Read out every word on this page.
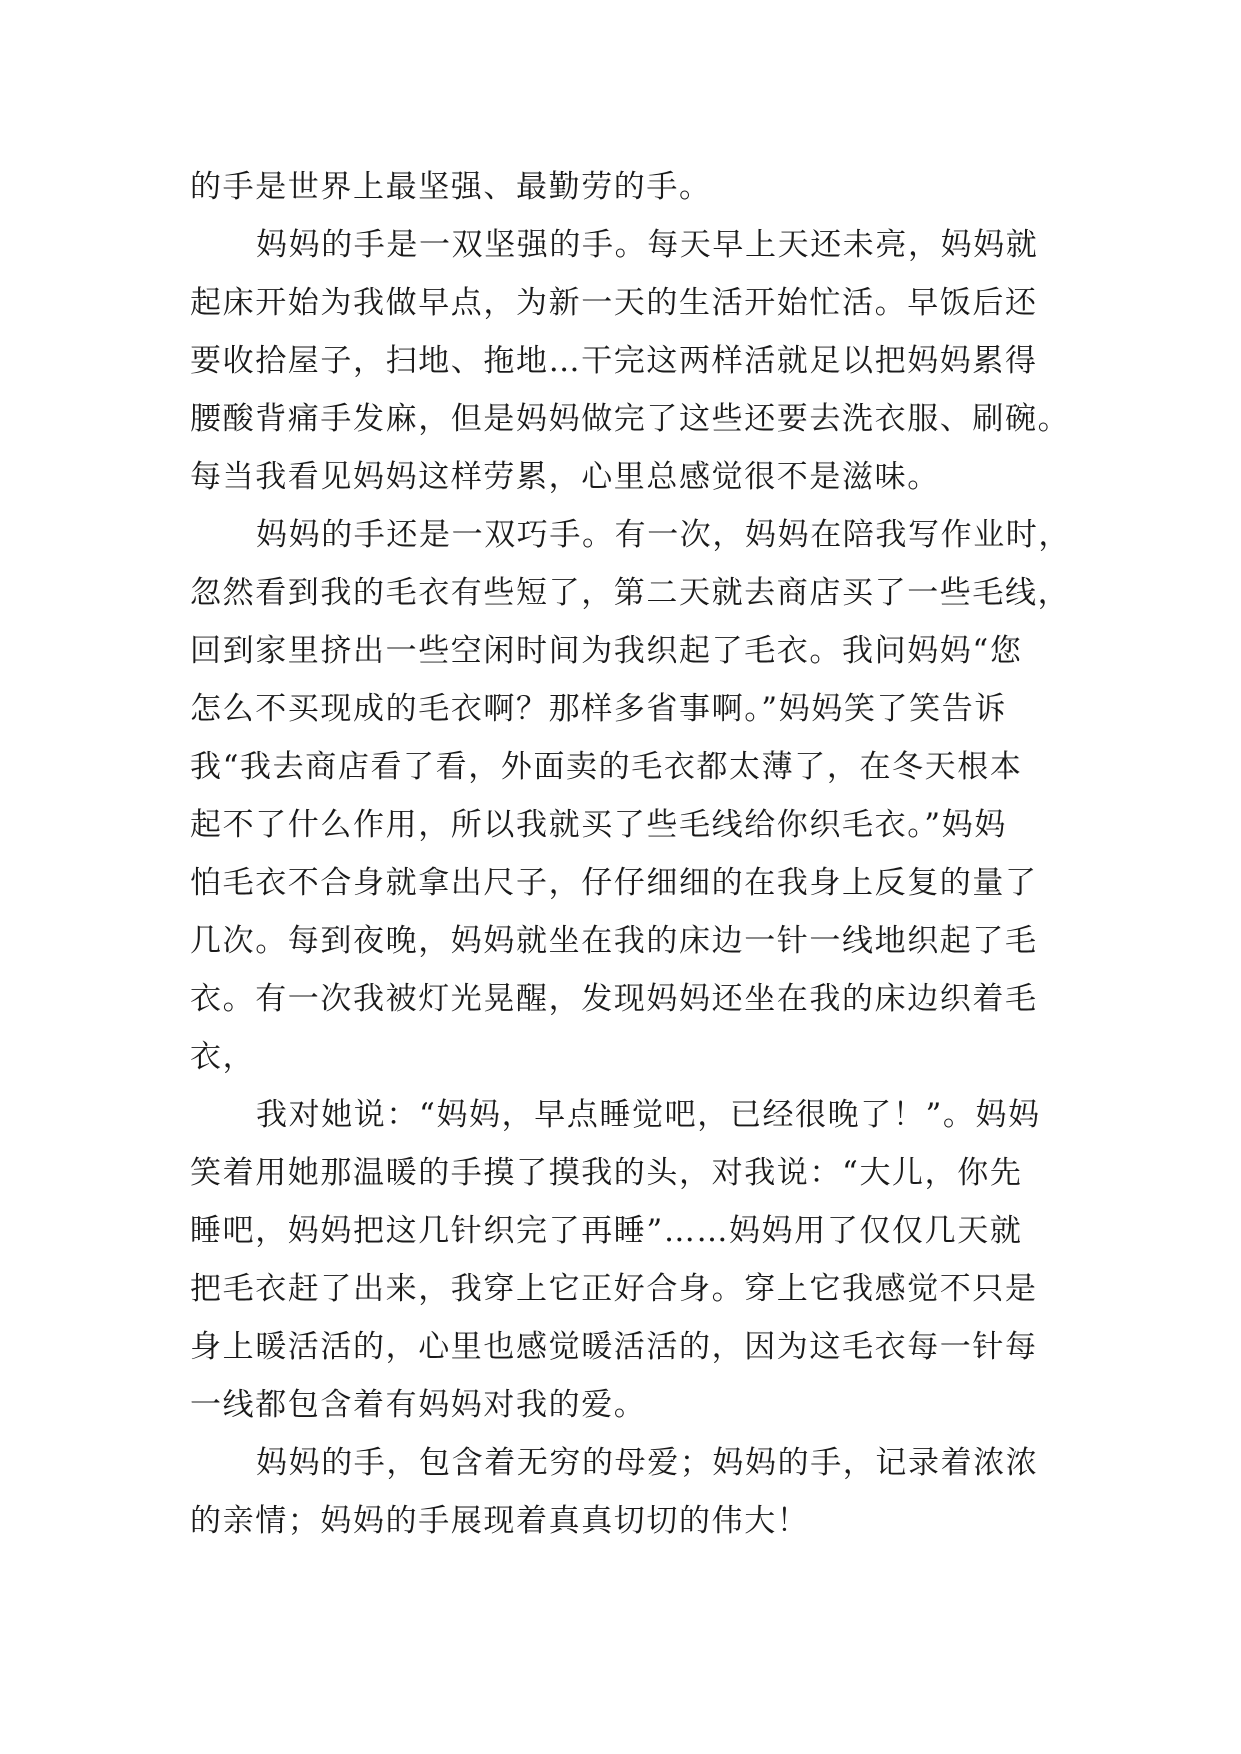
的手是世界上最坚强、最勤劳的手。
妈妈的手是一双坚强的手。每天早上天还未亮，妈妈就
起床开始为我做早点，为新一天的生活开始忙活。早饭后还
要收拾屋子，扫地、拖地…干完这两样活就足以把妈妈累得
腰酸背痛手发麻，但是妈妈做完了这些还要去洗衣服、刷碗。
每当我看见妈妈这样劳累，心里总感觉很不是滋味。
妈妈的手还是一双巧手。有一次，妈妈在陪我写作业时，
忽然看到我的毛衣有些短了，第二天就去商店买了一些毛线，
回到家里挤出一些空闲时间为我织起了毛衣。我问妈妈“您
怎么不买现成的毛衣啊？那样多省事啊。”妈妈笑了笑告诉
我“我去商店看了看，外面卖的毛衣都太薄了，在冬天根本
起不了什么作用，所以我就买了些毛线给你织毛衣。”妈妈
怕毛衣不合身就拿出尺子，仔仔细细的在我身上反复的量了
几次。每到夜晚，妈妈就坐在我的床边一针一线地织起了毛
衣。有一次我被灯光晃醒，发现妈妈还坐在我的床边织着毛
衣，
我对她说：“妈妈，早点睡觉吧，已经很晚了！”。妈妈
笑着用她那温暖的手摸了摸我的头，对我说：“大儿，你先
睡吧，妈妈把这几针织完了再睡”……妈妈用了仅仅几天就
把毛衣赶了出来，我穿上它正好合身。穿上它我感觉不只是
身上暖活活的，心里也感觉暖活活的，因为这毛衣每一针每
一线都包含着有妈妈对我的爱。
妈妈的手，包含着无穷的母爱；妈妈的手，记录着浓浓
的亲情；妈妈的手展现着真真切切的伟大！
